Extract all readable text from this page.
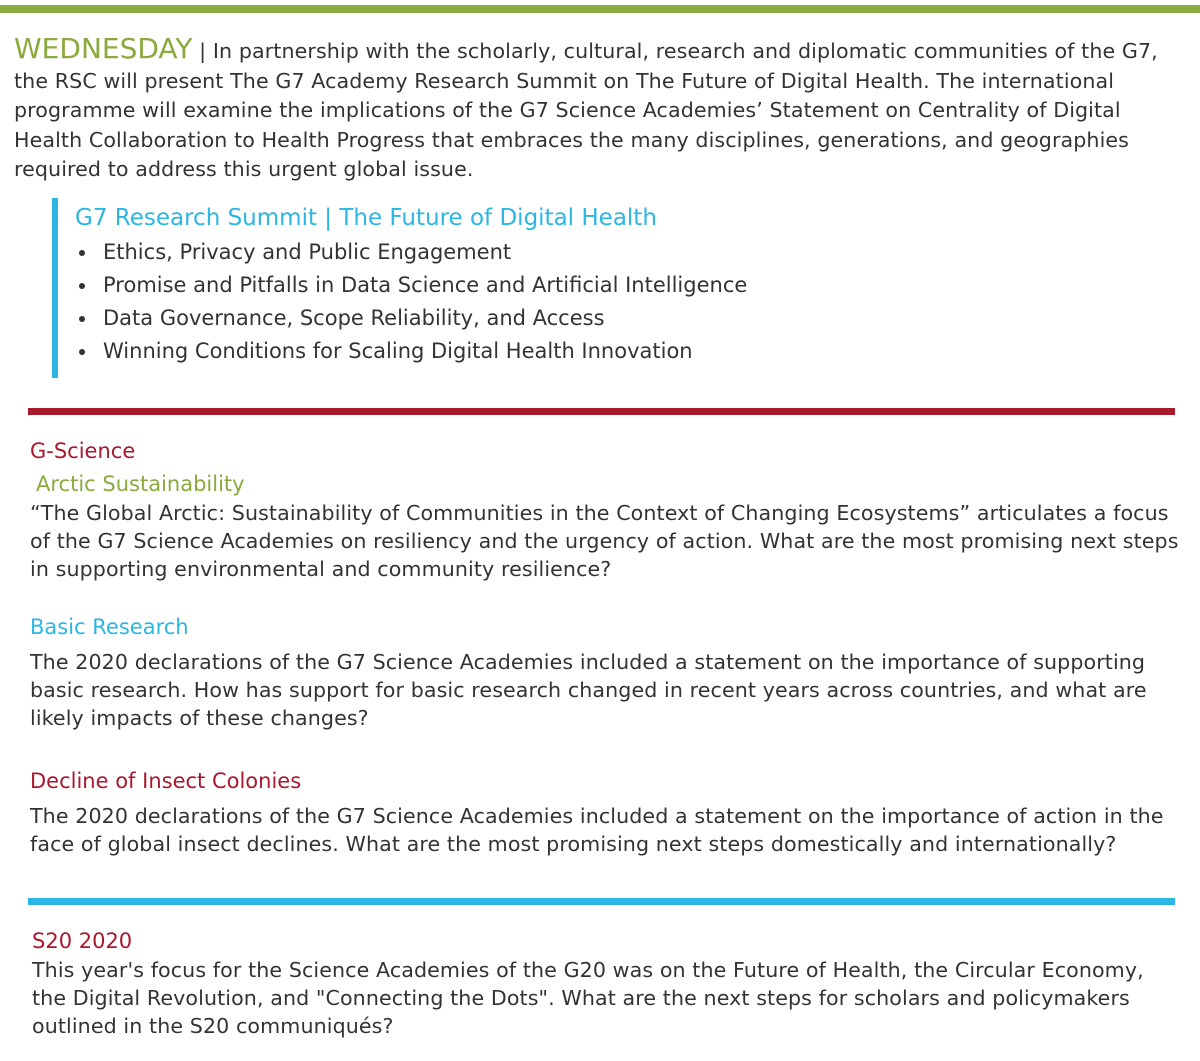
WEDNESDAY | In partnership with the scholarly, cultural, research and diplomatic communities of the G7, the RSC will present The G7 Academy Research Summit on The Future of Digital Health. The international programme will examine the implications of the G7 Science Academies’ Statement on Centrality of Digital Health Collaboration to Health Progress that embraces the many disciplines, generations, and geographies required to address this urgent global issue.
G7 Research Summit | The Future of Digital Health
Ethics, Privacy and Public Engagement
Promise and Pitfalls in Data Science and Artificial Intelligence
Data Governance, Scope Reliability, and Access
Winning Conditions for Scaling Digital Health Innovation
G-Science
Arctic Sustainability
“The Global Arctic: Sustainability of Communities in the Context of Changing Ecosystems” articulates a focus of the G7 Science Academies on resiliency and the urgency of action. What are the most promising next steps in supporting environmental and community resilience?
Basic Research
The 2020 declarations of the G7 Science Academies included a statement on the importance of supporting basic research. How has support for basic research changed in recent years across countries, and what are likely impacts of these changes?
Decline of Insect Colonies
The 2020 declarations of the G7 Science Academies included a statement on the importance of action in the face of global insect declines. What are the most promising next steps domestically and internationally?
S20 2020
This year's focus for the Science Academies of the G20 was on the Future of Health, the Circular Economy, the Digital Revolution, and "Connecting the Dots". What are the next steps for scholars and policymakers outlined in the S20 communiqués?
